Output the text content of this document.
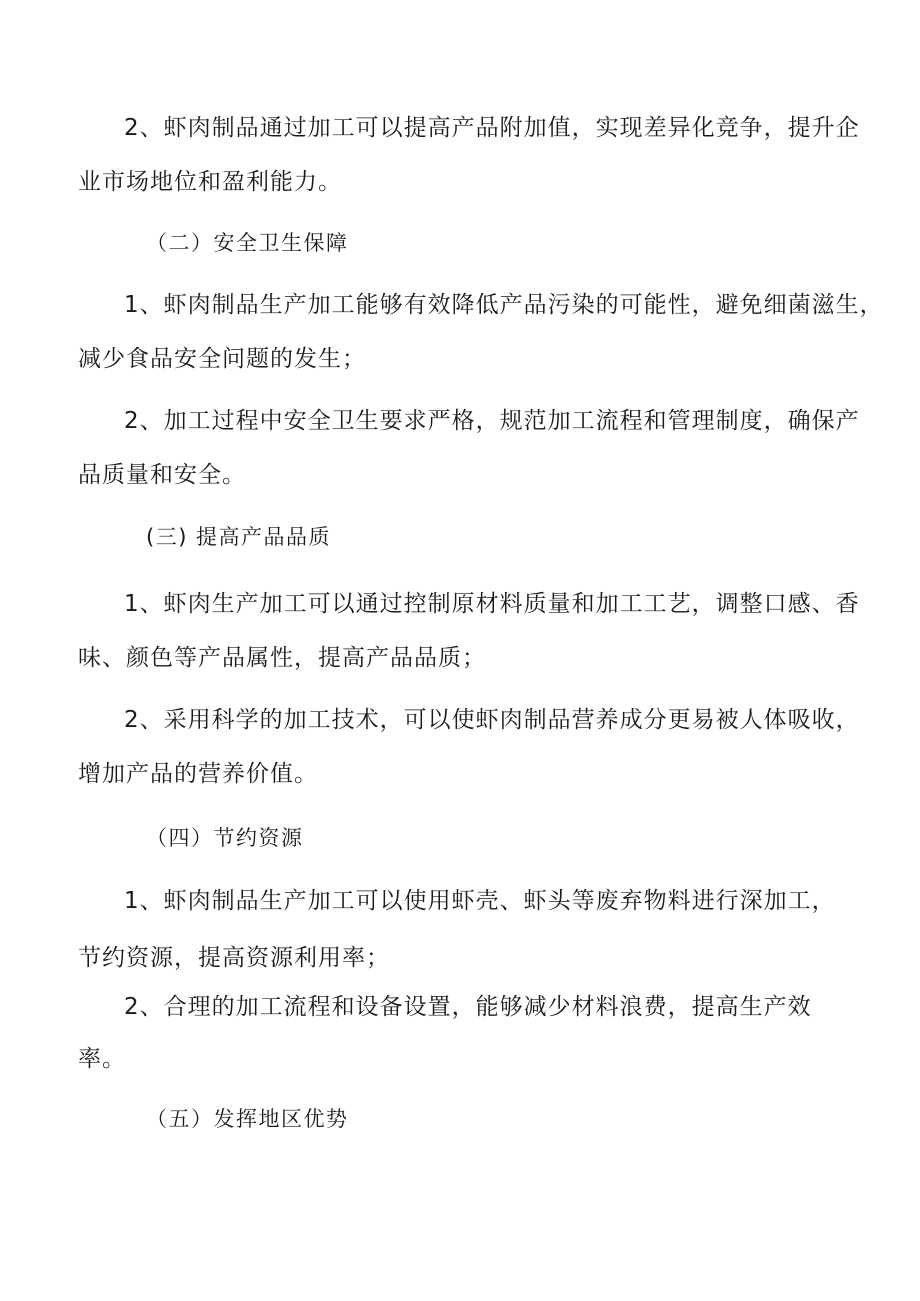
2、虾肉制品通过加工可以提高产品附加值，实现差异化竞争，提升企
业市场地位和盈利能力。
（二）安全卫生保障
1、虾肉制品生产加工能够有效降低产品污染的可能性，避免细菌滋生，
减少食品安全问题的发生；
2、加工过程中安全卫生要求严格，规范加工流程和管理制度，确保产
品质量和安全。
(三) 提高产品品质
1、虾肉生产加工可以通过控制原材料质量和加工工艺，调整口感、香
味、颜色等产品属性，提高产品品质；
2、采用科学的加工技术，可以使虾肉制品营养成分更易被人体吸收，
增加产品的营养价值。
（四）节约资源
1、虾肉制品生产加工可以使用虾壳、虾头等废弃物料进行深加工，
节约资源，提高资源利用率；
2、合理的加工流程和设备设置，能够减少材料浪费，提高生产效
率。
（五）发挥地区优势
